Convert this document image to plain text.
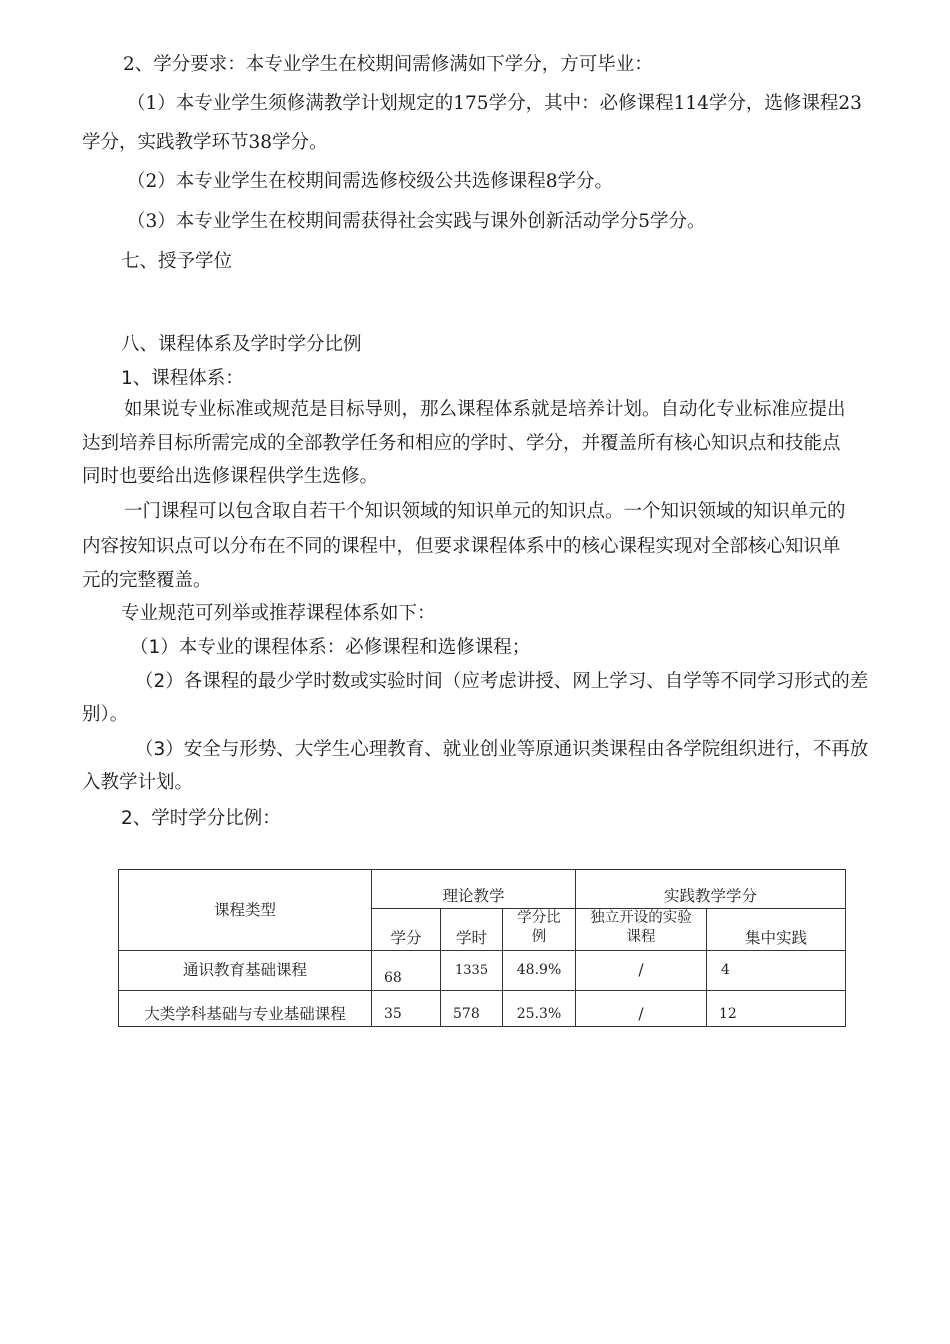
2、学分要求：本专业学生在校期间需修满如下学分，方可毕业：

（1）本专业学生须修满教学计划规定的175学分，其中：必修课程114学分，选修课程23

学分，实践教学环节38学分。

（2）本专业学生在校期间需选修校级公共选修课程8学分。

（3）本专业学生在校期间需获得社会实践与课外创新活动学分5学分。

七、授予学位

八、课程体系及学时学分比例

1、课程体系：

如果说专业标准或规范是目标导则，那么课程体系就是培养计划。自动化专业标准应提出

达到培养目标所需完成的全部教学任务和相应的学时、学分，并覆盖所有核心知识点和技能点

同时也要给出选修课程供学生选修。

一门课程可以包含取自若干个知识领域的知识单元的知识点。一个知识领域的知识单元的

内容按知识点可以分布在不同的课程中，但要求课程体系中的核心课程实现对全部核心知识单

元的完整覆盖。

专业规范可列举或推荐课程体系如下：

（1）本专业的课程体系：必修课程和选修课程；

（2）各课程的最少学时数或实验时间（应考虑讲授、网上学习、自学等不同学习形式的差

别）。

（3）安全与形势、大学生心理教育、就业创业等原通识类课程由各学院组织进行，不再放

入教学计划。

2、学时学分比例：

课程类型	理论教学			实践教学学分	
	学分	学时	学分比例	独立开设的实验课程	集中实践
通识教育基础课程	68	1335	48.9%	/	4
大类学科基础与专业基础课程	35	578	25.3%	/	12
